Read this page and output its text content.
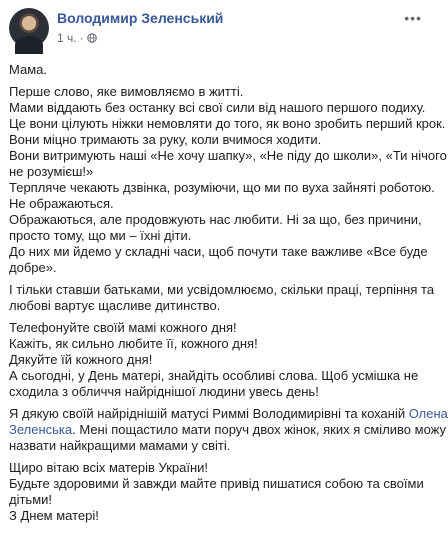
Володимир Зеленський
1 ч. ·
•••
Мама.
Перше слово, яке вимовляємо в житті.
Мами віддають без останку всі свої сили від нашого першого подиху.
Це вони цілують ніжки немовляти до того, як воно зробить перший крок.
Вони міцно тримають за руку, коли вчимося ходити.
Вони витримують наші «Не хочу шапку», «Не піду до школи», «Ти нічого
не розумієш!»
Терпляче чекають дзвінка, розуміючи, що ми по вуха зайняті роботою.
Не ображаються.
Ображаються, але продовжують нас любити. Ні за що, без причини,
просто тому, що ми – їхні діти.
До них ми йдемо у складні часи, щоб почути таке важливе «Все буде
добре».
І тільки ставши батьками, ми усвідомлюємо, скільки праці, терпіння та
любові вартує щасливе дитинство.
Телефонуйте своїй мамі кожного дня!
Кажіть, як сильно любите її, кожного дня!
Дякуйте їй кожного дня!
А сьогодні, у День матері, знайдіть особливі слова. Щоб усмішка не
сходила з обличчя найріднішої людини увесь день!
Я дякую своїй найріднішій матусі Риммі Володимирівні та коханій Олена
Зеленська. Мені пощастило мати поруч двох жінок, яких я сміливо можу
назвати найкращими мамами у світі.
Щиро вітаю всіх матерів України!
Будьте здоровими й завжди майте привід пишатися собою та своїми
дітьми!
З Днем матері!
